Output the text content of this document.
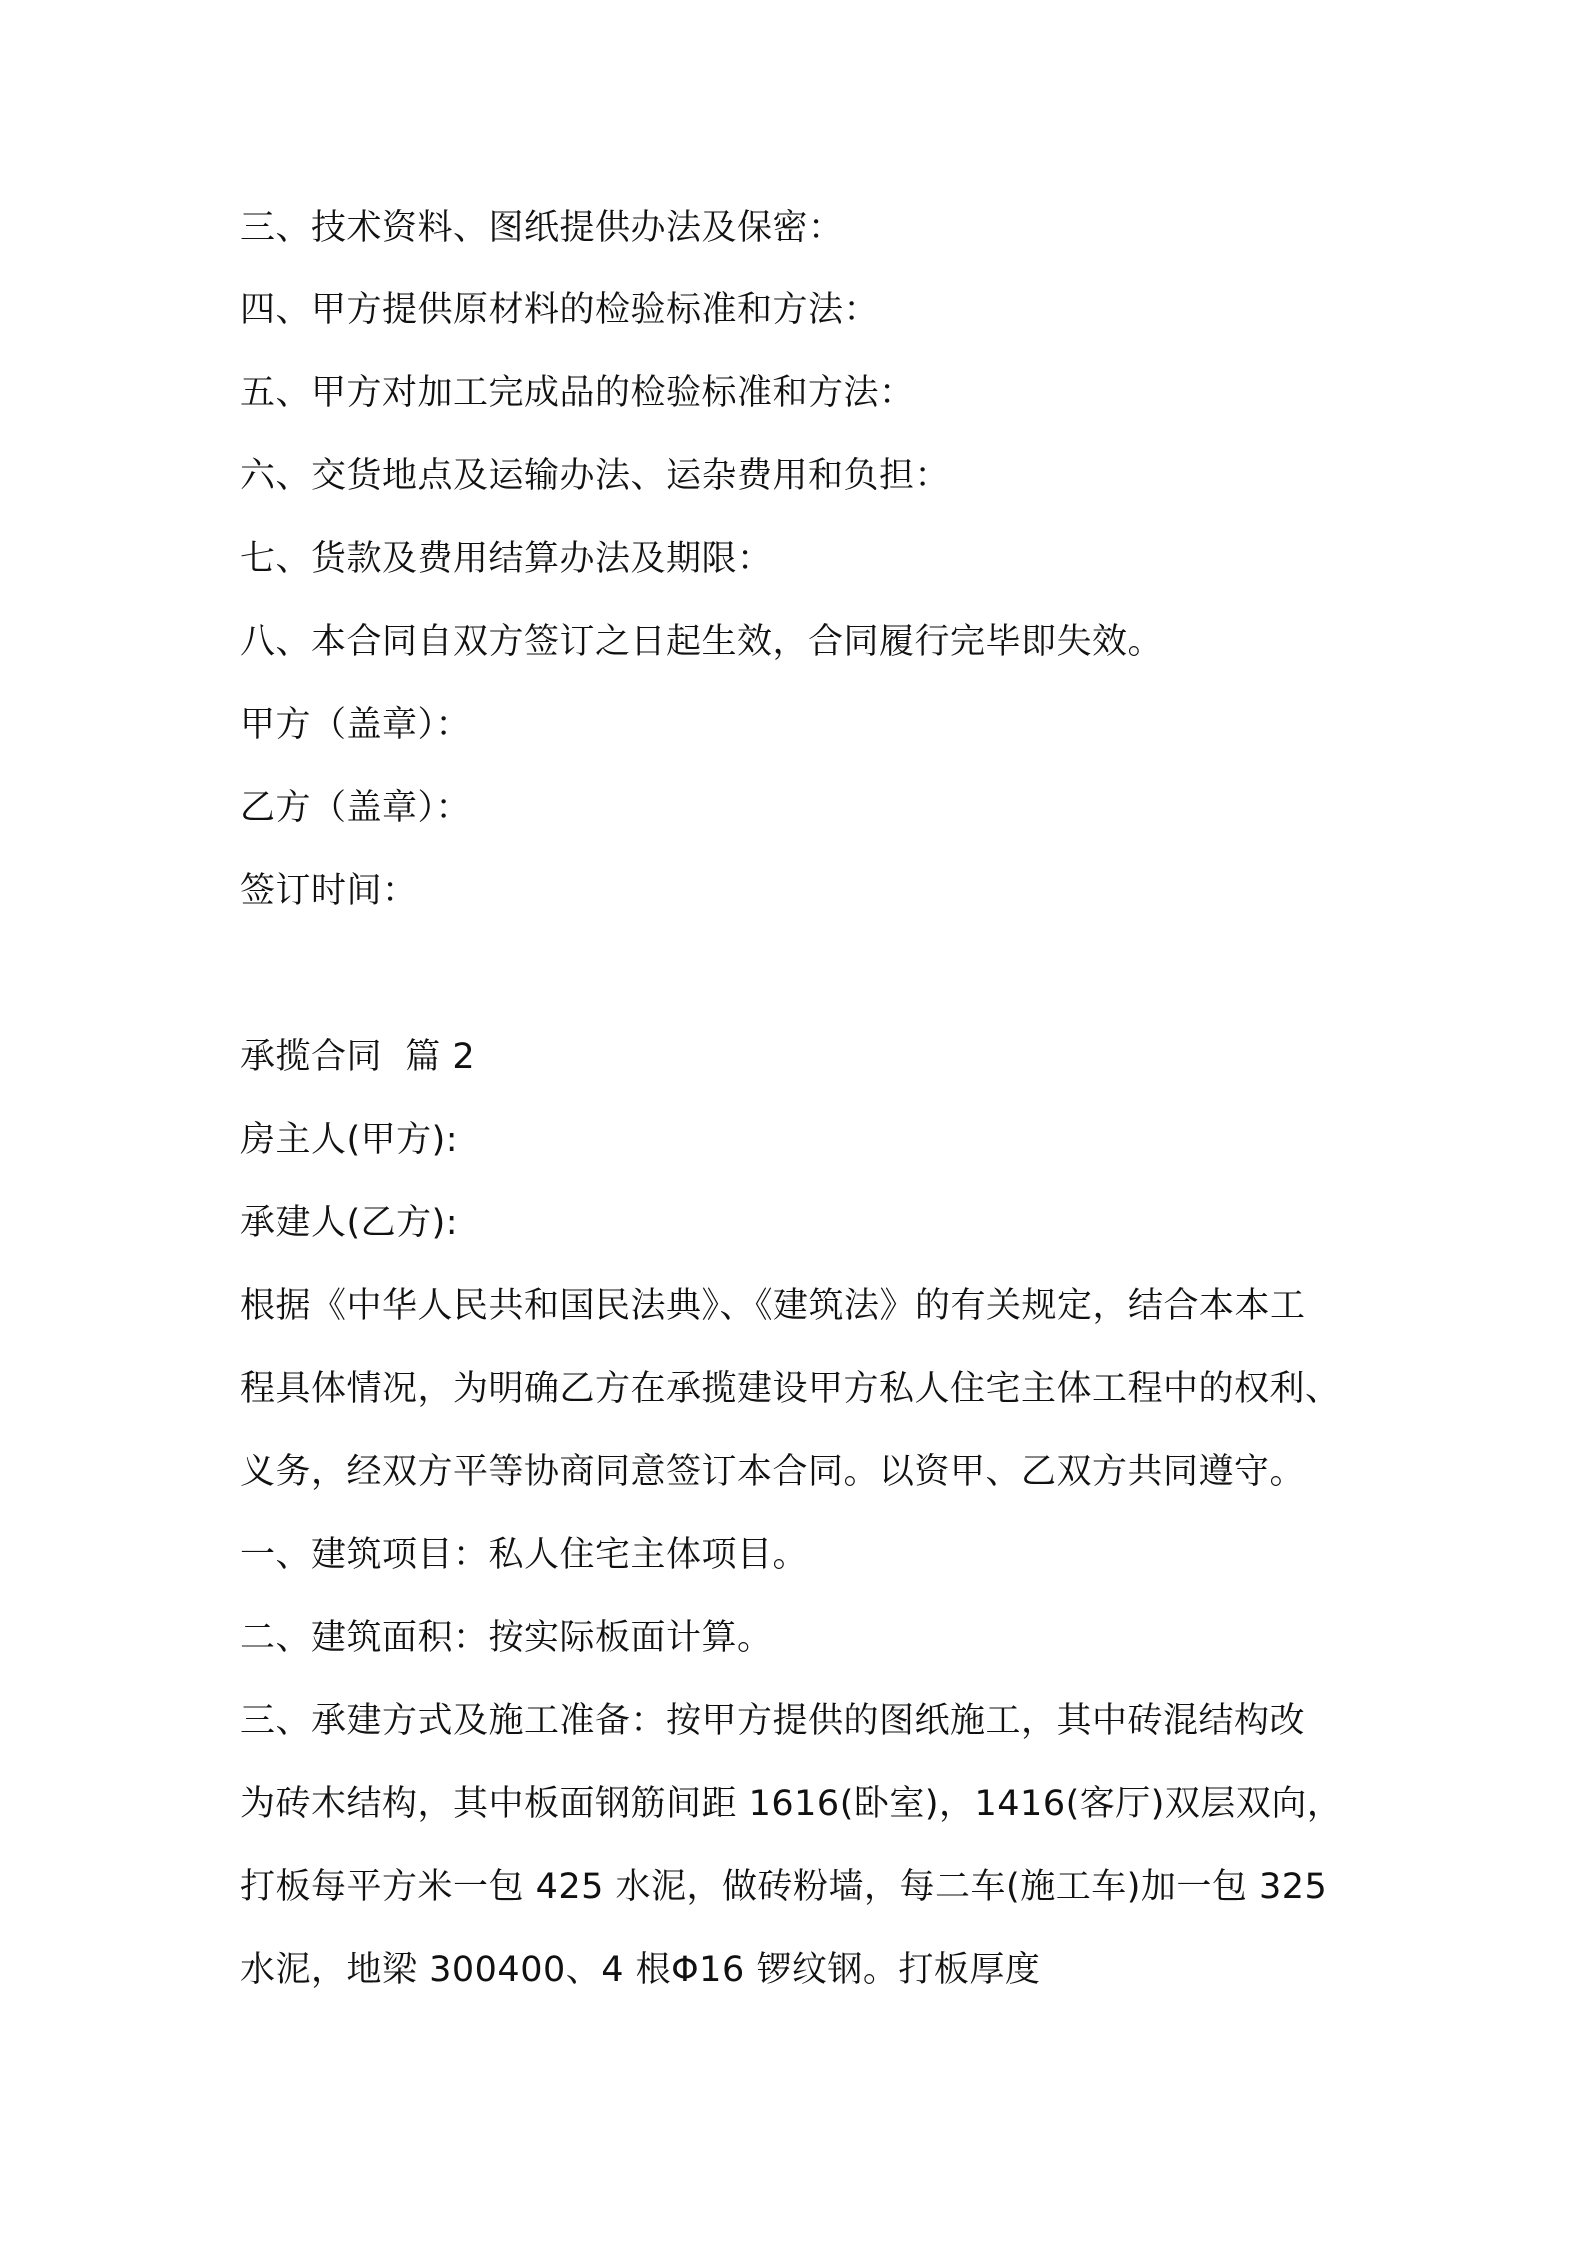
三、技术资料、图纸提供办法及保密：

四、甲方提供原材料的检验标准和方法：

五、甲方对加工完成品的检验标准和方法：

六、交货地点及运输办法、运杂费用和负担：

七、货款及费用结算办法及期限：

八、本合同自双方签订之日起生效，合同履行完毕即失效。

甲方（盖章）：

乙方（盖章）：

签订时间：

承揽合同  篇 2

房主人(甲方):

承建人(乙方):

根据《中华人民共和国民法典》、《建筑法》的有关规定，结合本本工

程具体情况，为明确乙方在承揽建设甲方私人住宅主体工程中的权利、

义务，经双方平等协商同意签订本合同。以资甲、乙双方共同遵守。

一、建筑项目：私人住宅主体项目。

二、建筑面积：按实际板面计算。

三、承建方式及施工准备：按甲方提供的图纸施工，其中砖混结构改

为砖木结构，其中板面钢筋间距 1616(卧室)，1416(客厅)双层双向，

打板每平方米一包 425 水泥，做砖粉墙，每二车(施工车)加一包 325

水泥，地梁 300400、4 根Φ16 锣纹钢。打板厚度
